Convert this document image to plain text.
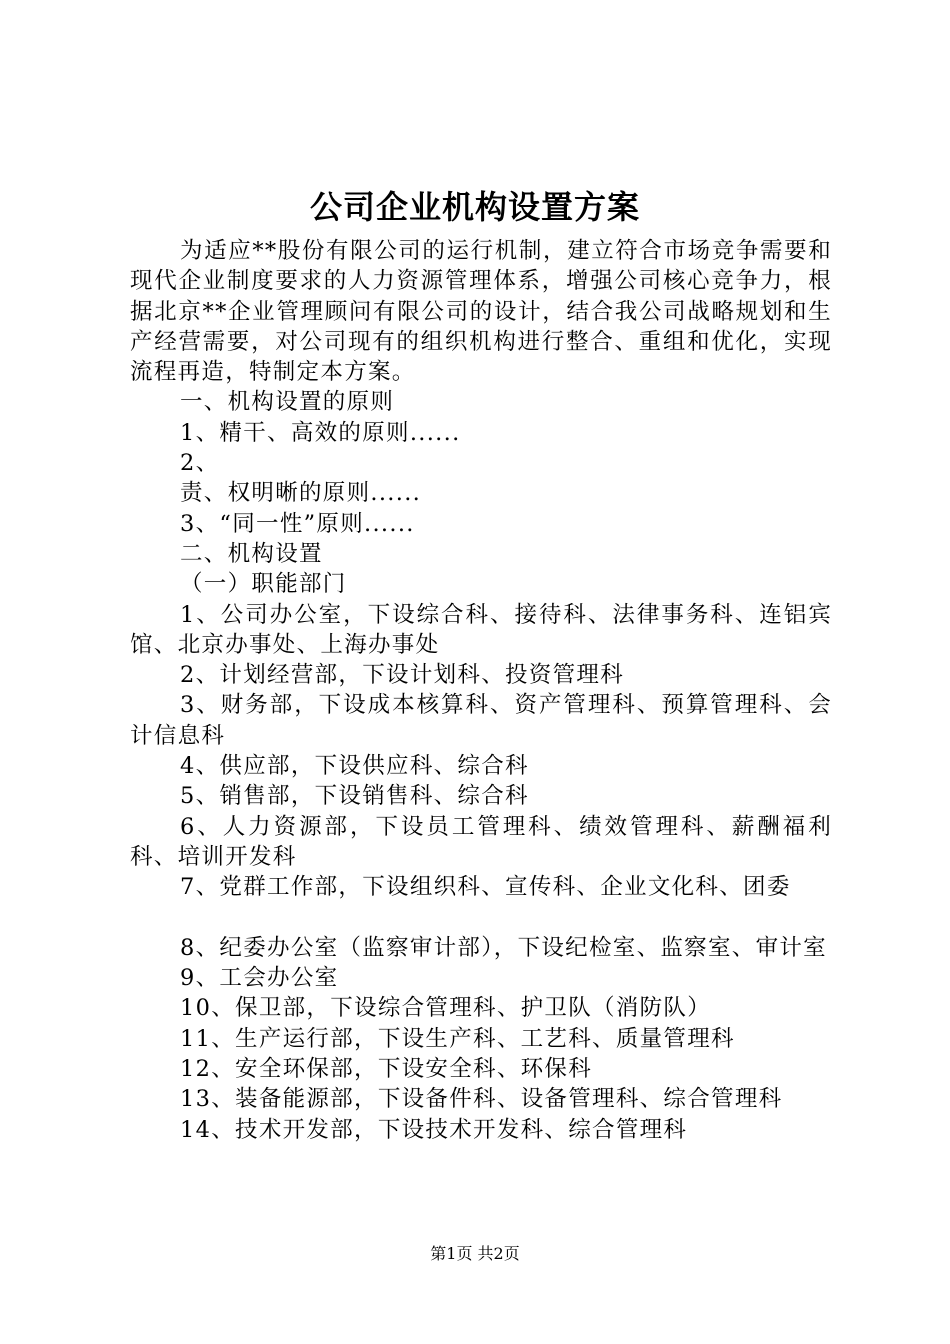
公司企业机构设置方案

为适应**股份有限公司的运行机制，建立符合市场竞争需要和现代企业制度要求的人力资源管理体系，增强公司核心竞争力，根据北京**企业管理顾问有限公司的设计，结合我公司战略规划和生产经营需要，对公司现有的组织机构进行整合、重组和优化，实现流程再造，特制定本方案。

一、机构设置的原则

1、精干、高效的原则......

2、

责、权明晰的原则......

3、“同一性”原则......

二、机构设置

（一）职能部门

1、公司办公室，下设综合科、接待科、法律事务科、连铝宾馆、北京办事处、上海办事处

2、计划经营部，下设计划科、投资管理科

3、财务部，下设成本核算科、资产管理科、预算管理科、会计信息科

4、供应部，下设供应科、综合科

5、销售部，下设销售科、综合科

6、人力资源部，下设员工管理科、绩效管理科、薪酬福利科、培训开发科

7、党群工作部，下设组织科、宣传科、企业文化科、团委

8、纪委办公室（监察审计部），下设纪检室、监察室、审计室

9、工会办公室

10、保卫部，下设综合管理科、护卫队（消防队）

11、生产运行部，下设生产科、工艺科、质量管理科

12、安全环保部，下设安全科、环保科

13、装备能源部，下设备件科、设备管理科、综合管理科

14、技术开发部，下设技术开发科、综合管理科

第1页 共2页
